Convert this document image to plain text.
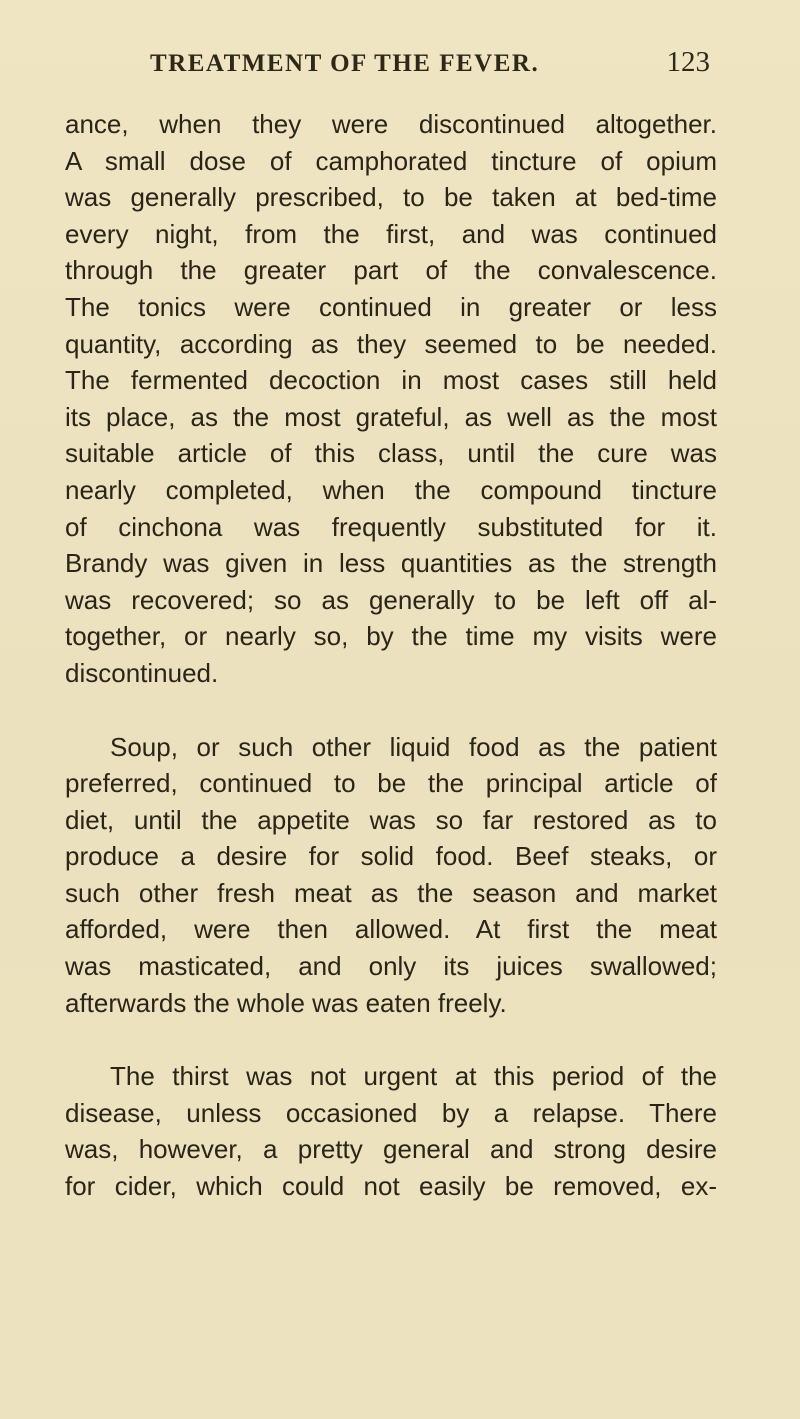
TREATMENT OF THE FEVER.	123
ance, when they were discontinued altogether.
A small dose of camphorated tincture of opium
was generally prescribed, to be taken at bed-time
every night, from the first, and was continued
through the greater part of the convalescence.
The tonics were continued in greater or less
quantity, according as they seemed to be needed.
The fermented decoction in most cases still held
its place, as the most grateful, as well as the most
suitable article of this class, until the cure was
nearly completed, when the compound tincture
of cinchona was frequently substituted for it.
Brandy was given in less quantities as the strength
was recovered; so as generally to be left off al-
together, or nearly so, by the time my visits were
discontinued.
Soup, or such other liquid food as the patient
preferred, continued to be the principal article of
diet, until the appetite was so far restored as to
produce a desire for solid food. Beef steaks, or
such other fresh meat as the season and market
afforded, were then allowed. At first the meat
was masticated, and only its juices swallowed;
afterwards the whole was eaten freely.
The thirst was not urgent at this period of the
disease, unless occasioned by a relapse. There
was, however, a pretty general and strong desire
for cider, which could not easily be removed, ex-
